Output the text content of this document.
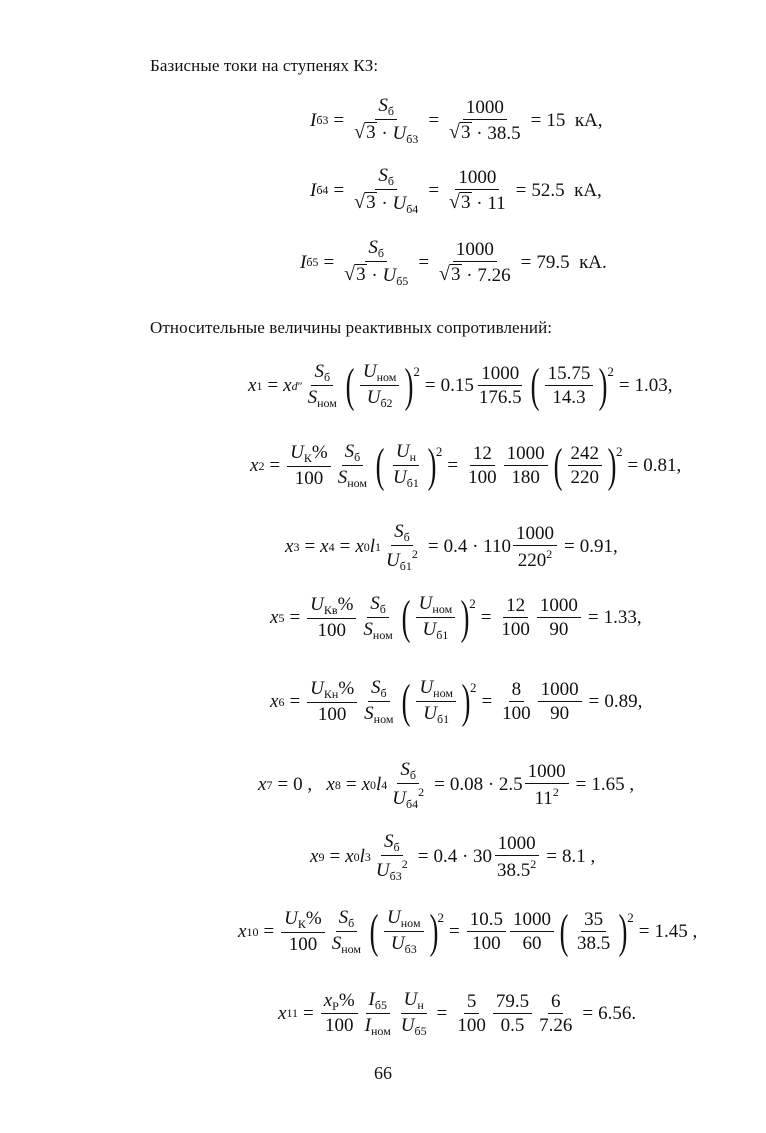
Базисные токи на ступенях КЗ:
I $б3 = \frac{S_б}{√ 3 \cdot U_{б3}} = \frac{1000}{√ 3 \cdot 38.5} = 15$
кА,
I $б4 = \frac{S_б}{√ 3 \cdot U_{б4}} = \frac{1000}{√ 3 \cdot 11} = 52.5$
кА,
I $б5 = \frac{S_б}{√ 3 \cdot U_{б5}} = \frac{1000}{√ 3 \cdot 7.26} = 79.5$
кА.
Относительные величины реактивных сопротивлений:
x 1 = x d ″ $\frac{S_б}{S_{ном}}$ ( $\frac{U_{ном}}{U_{б2}}$ ) 2
= $0.15 \frac{1000}{176.5}$ ( $\frac{15.75}{14.3}$ ) 2
= 1.03,
x $2 = \frac{U_К\%}{100} \frac{S_б}{S_{ном}}$ ( $\frac{U_н}{U_{б1}}$ ) 2
= $\frac{12}{100} \frac{1000}{180}$ ( $\frac{242}{220}$ ) 2
= 0.81,
x 3 = x 4 = x 0 l $1 \frac{S_б}{U_{б1}^2} = 0.4 \cdot 110 \frac{1000}{220^2} = 0.91$,
x $5 = \frac{U_{Кв}\%}{100} \frac{S_б}{S_{ном}}$ ( $\frac{U_{ном}}{U_{б1}}$ ) 2
= $\frac{12}{100} \frac{1000}{90} = 1.33$,
x $6 = \frac{U_{Кн}\%}{100} \frac{S_б}{S_{ном}}$ ( $\frac{U_{ном}}{U_{б1}}$ ) 2
= $\frac{8}{100} \frac{1000}{90} = 0.89$,
x 7 = 0 ,
x 8 = x 0 l $4 \frac{S_б}{U_{б4}^2} = 0.08 \cdot 2.5 \frac{1000}{11^2} = 1.65$ ,
x 9 = x 0 l $3 \frac{S_б}{U_{б3}^2} = 0.4 \cdot 30 \frac{1000}{38.5^2} = 8.1$ ,
x $10 = \frac{U_К\%}{100} \frac{S_б}{S_{ном}}$ ( $\frac{U_{ном}}{U_{б3}}$ ) 2
= $\frac{10.5}{100} \frac{1000}{60}$ ( $\frac{35}{38.5}$ ) 2
= 1.45 ,
x $11 = \frac{x_Р\%}{100} \frac{I_{б5}}{I_{ном}} \frac{U_н}{U_{б5}} = \frac{5}{100} \frac{79.5}{0.5} \frac{6}{7.26} = 6.56$.
66
